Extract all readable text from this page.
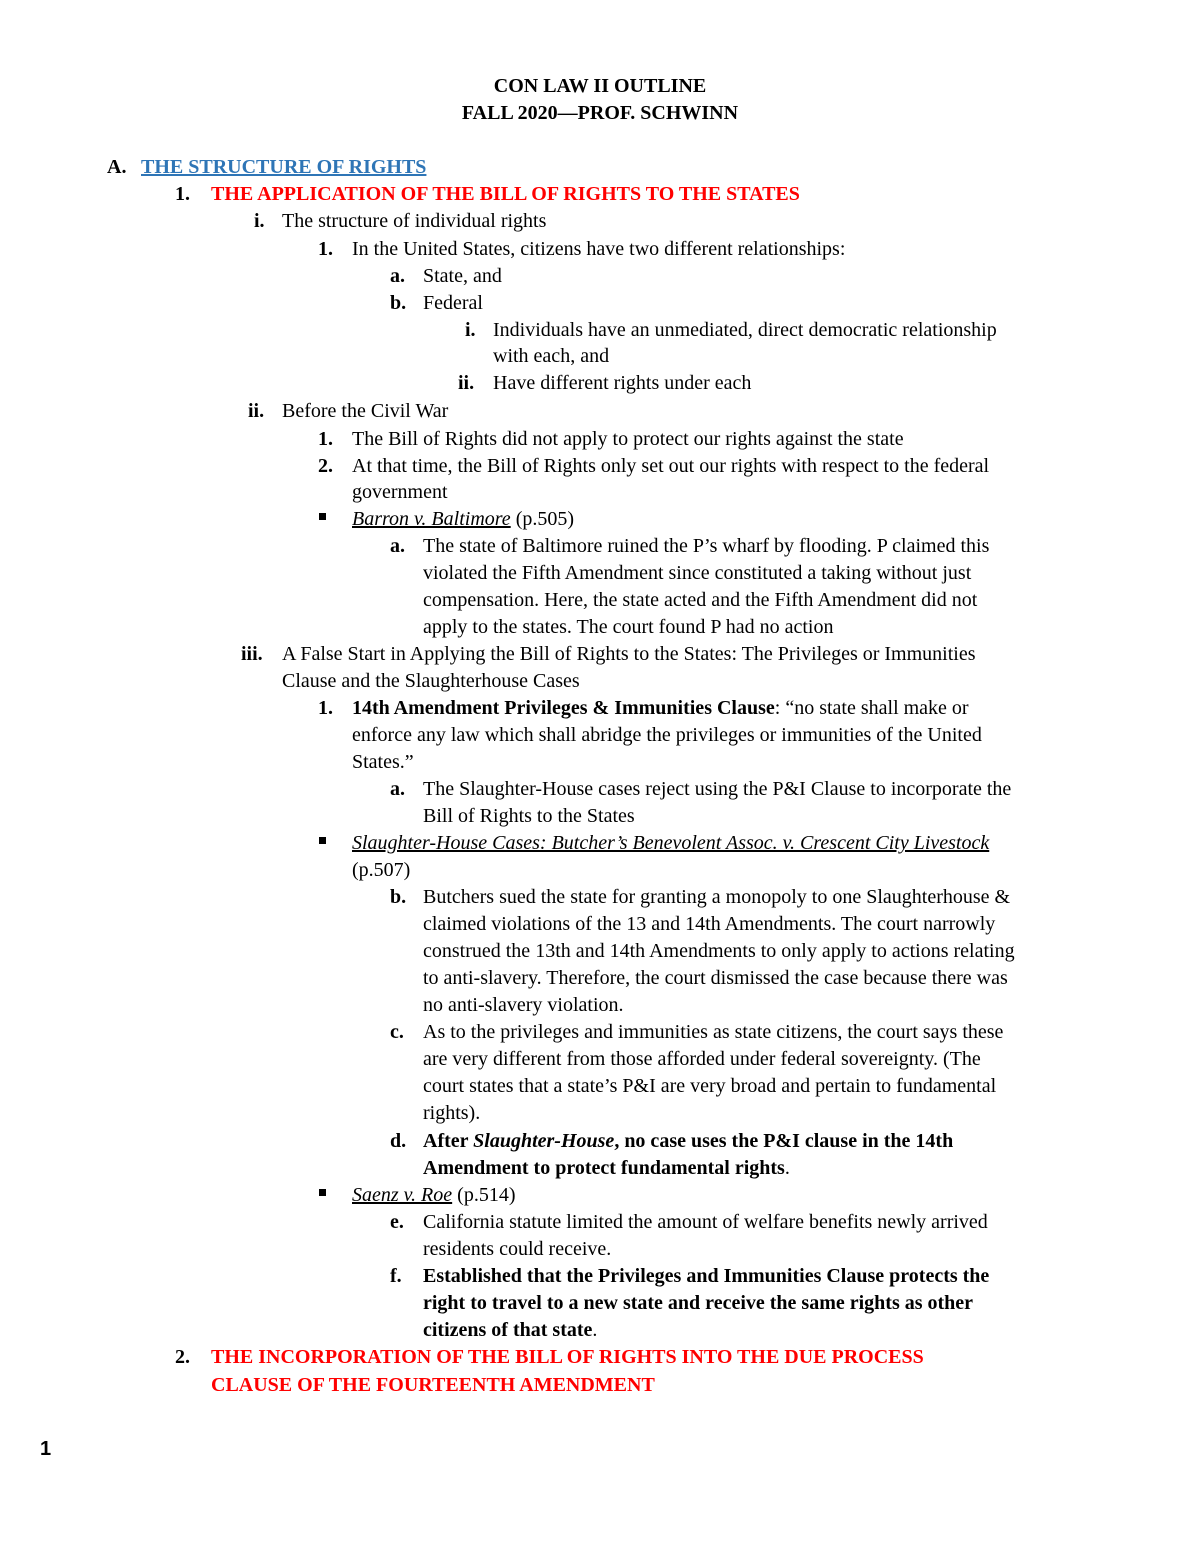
CON LAW II OUTLINE
FALL 2020—PROF. SCHWINN
A. THE STRUCTURE OF RIGHTS
1. THE APPLICATION OF THE BILL OF RIGHTS TO THE STATES
i. The structure of individual rights
1. In the United States, citizens have two different relationships:
a. State, and
b. Federal
i. Individuals have an unmediated, direct democratic relationship
with each, and
ii. Have different rights under each
ii. Before the Civil War
1. The Bill of Rights did not apply to protect our rights against the state
2. At that time, the Bill of Rights only set out our rights with respect to the federal
government
Barron v. Baltimore (p.505)
a. The state of Baltimore ruined the P’s wharf by flooding. P claimed this
violated the Fifth Amendment since constituted a taking without just
compensation. Here, the state acted and the Fifth Amendment did not
apply to the states. The court found P had no action
iii. A False Start in Applying the Bill of Rights to the States: The Privileges or Immunities
Clause and the Slaughterhouse Cases
1. 14th Amendment Privileges & Immunities Clause: “no state shall make or
enforce any law which shall abridge the privileges or immunities of the United
States.”
a. The Slaughter-House cases reject using the P&I Clause to incorporate the
Bill of Rights to the States
Slaughter-House Cases: Butcher’s Benevolent Assoc. v. Crescent City Livestock
(p.507)
b. Butchers sued the state for granting a monopoly to one Slaughterhouse &
claimed violations of the 13 and 14th Amendments. The court narrowly
construed the 13th and 14th Amendments to only apply to actions relating
to anti-slavery. Therefore, the court dismissed the case because there was
no anti-slavery violation.
c. As to the privileges and immunities as state citizens, the court says these
are very different from those afforded under federal sovereignty. (The
court states that a state’s P&I are very broad and pertain to fundamental
rights).
d. After Slaughter-House, no case uses the P&I clause in the 14th
Amendment to protect fundamental rights.
Saenz v. Roe (p.514)
e. California statute limited the amount of welfare benefits newly arrived
residents could receive.
f. Established that the Privileges and Immunities Clause protects the
right to travel to a new state and receive the same rights as other
citizens of that state.
2. THE INCORPORATION OF THE BILL OF RIGHTS INTO THE DUE PROCESS
CLAUSE OF THE FOURTEENTH AMENDMENT
1
